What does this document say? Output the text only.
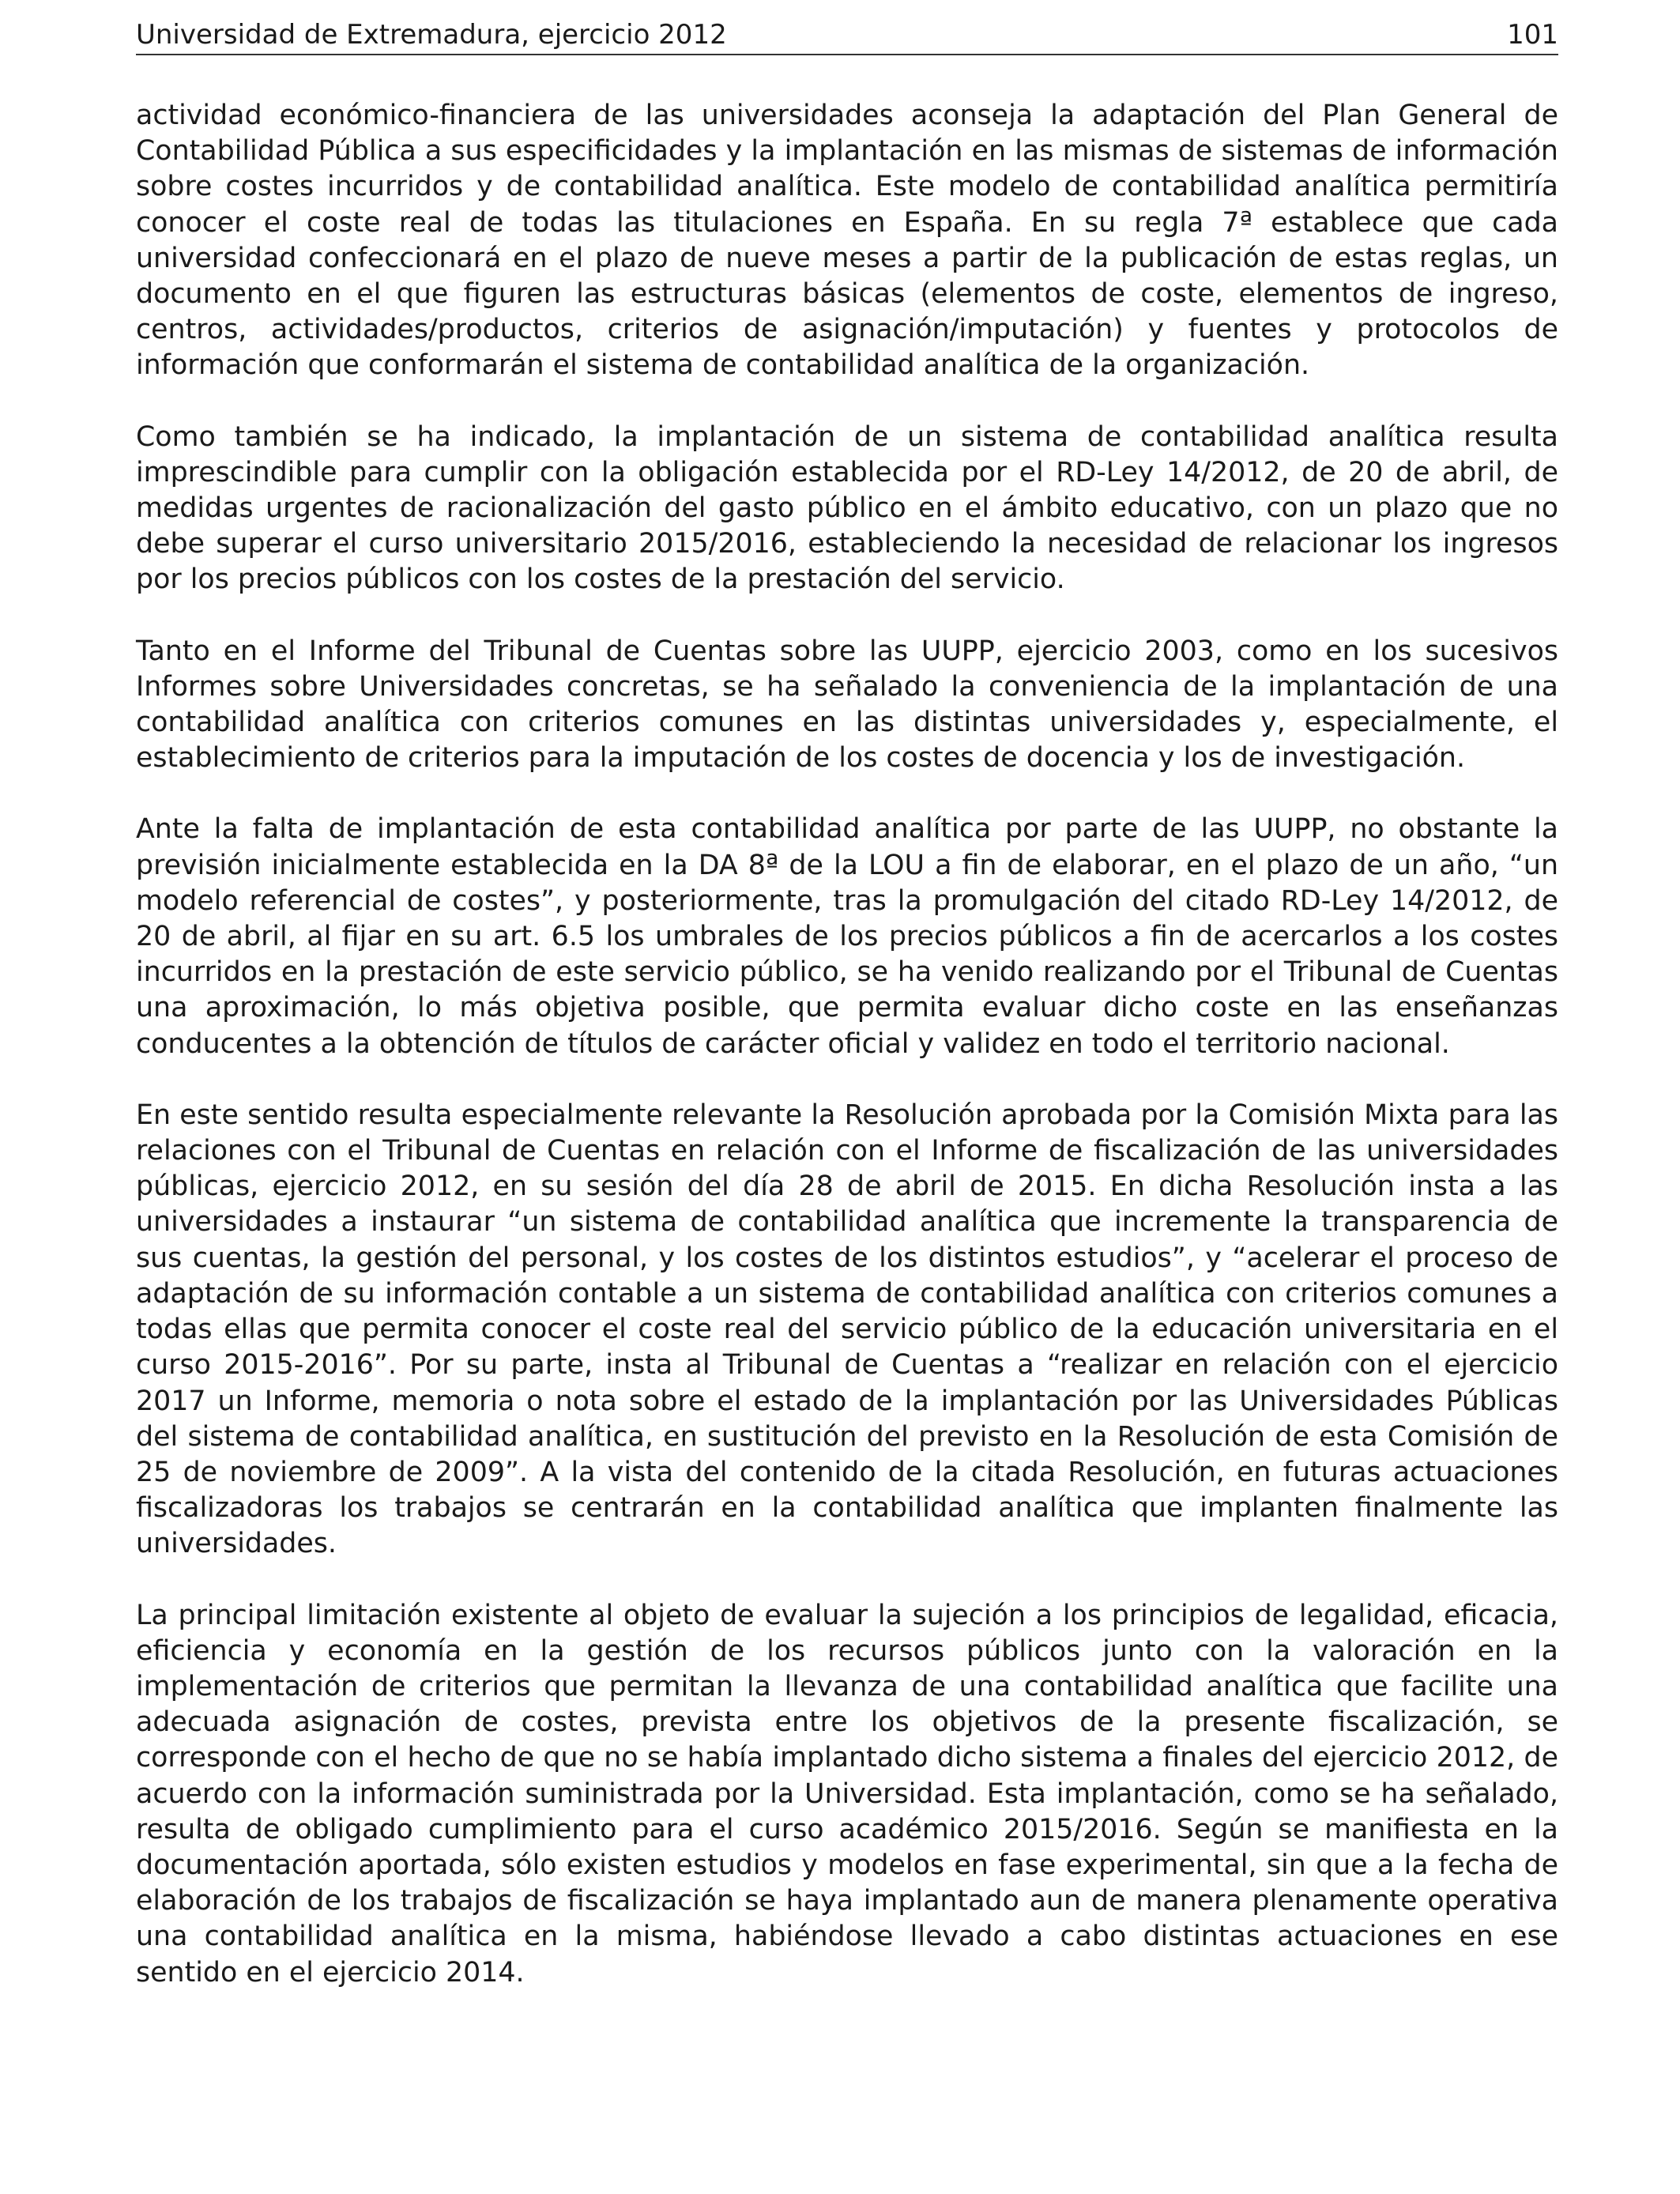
Universidad de Extremadura, ejercicio 2012	101

actividad económico-financiera de las universidades aconseja la adaptación del Plan General de Contabilidad Pública a sus especificidades y la implantación en las mismas de sistemas de información sobre costes incurridos y de contabilidad analítica. Este modelo de contabilidad analítica permitiría conocer el coste real de todas las titulaciones en España. En su regla 7ª establece que cada universidad confeccionará en el plazo de nueve meses a partir de la publicación de estas reglas, un documento en el que figuren las estructuras básicas (elementos de coste, elementos de ingreso, centros, actividades/productos, criterios de asignación/imputación) y fuentes y protocolos de información que conformarán el sistema de contabilidad analítica de la organización.

Como también se ha indicado, la implantación de un sistema de contabilidad analítica resulta imprescindible para cumplir con la obligación establecida por el RD-Ley 14/2012, de 20 de abril, de medidas urgentes de racionalización del gasto público en el ámbito educativo, con un plazo que no debe superar el curso universitario 2015/2016, estableciendo la necesidad de relacionar los ingresos por los precios públicos con los costes de la prestación del servicio.

Tanto en el Informe del Tribunal de Cuentas sobre las UUPP, ejercicio 2003, como en los sucesivos Informes sobre Universidades concretas, se ha señalado la conveniencia de la implantación de una contabilidad analítica con criterios comunes en las distintas universidades y, especialmente, el establecimiento de criterios para la imputación de los costes de docencia y los de investigación.

Ante la falta de implantación de esta contabilidad analítica por parte de las UUPP, no obstante la previsión inicialmente establecida en la DA 8ª de la LOU a fin de elaborar, en el plazo de un año, “un modelo referencial de costes”, y posteriormente, tras la promulgación del citado RD-Ley 14/2012, de 20 de abril, al fijar en su art. 6.5 los umbrales de los precios públicos a fin de acercarlos a los costes incurridos en la prestación de este servicio público, se ha venido realizando por el Tribunal de Cuentas una aproximación, lo más objetiva posible, que permita evaluar dicho coste en las enseñanzas conducentes a la obtención de títulos de carácter oficial y validez en todo el territorio nacional.

En este sentido resulta especialmente relevante la Resolución aprobada por la Comisión Mixta para las relaciones con el Tribunal de Cuentas en relación con el Informe de fiscalización de las universidades públicas, ejercicio 2012, en su sesión del día 28 de abril de 2015. En dicha Resolución insta a las universidades a instaurar “un sistema de contabilidad analítica que incremente la transparencia de sus cuentas, la gestión del personal, y los costes de los distintos estudios”, y “acelerar el proceso de adaptación de su información contable a un sistema de contabilidad analítica con criterios comunes a todas ellas que permita conocer el coste real del servicio público de la educación universitaria en el curso 2015-2016”. Por su parte, insta al Tribunal de Cuentas a “realizar en relación con el ejercicio 2017 un Informe, memoria o nota sobre el estado de la implantación por las Universidades Públicas del sistema de contabilidad analítica, en sustitución del previsto en la Resolución de esta Comisión de 25 de noviembre de 2009”. A la vista del contenido de la citada Resolución, en futuras actuaciones fiscalizadoras los trabajos se centrarán en la contabilidad analítica que implanten finalmente las universidades.

La principal limitación existente al objeto de evaluar la sujeción a los principios de legalidad, eficacia, eficiencia y economía en la gestión de los recursos públicos junto con la valoración en la implementación de criterios que permitan la llevanza de una contabilidad analítica que facilite una adecuada asignación de costes, prevista entre los objetivos de la presente fiscalización, se corresponde con el hecho de que no se había implantado dicho sistema a finales del ejercicio 2012, de acuerdo con la información suministrada por la Universidad. Esta implantación, como se ha señalado, resulta de obligado cumplimiento para el curso académico 2015/2016. Según se manifiesta en la documentación aportada, sólo existen estudios y modelos en fase experimental, sin que a la fecha de elaboración de los trabajos de fiscalización se haya implantado aun de manera plenamente operativa una contabilidad analítica en la misma, habiéndose llevado a cabo distintas actuaciones en ese sentido en el ejercicio 2014.
